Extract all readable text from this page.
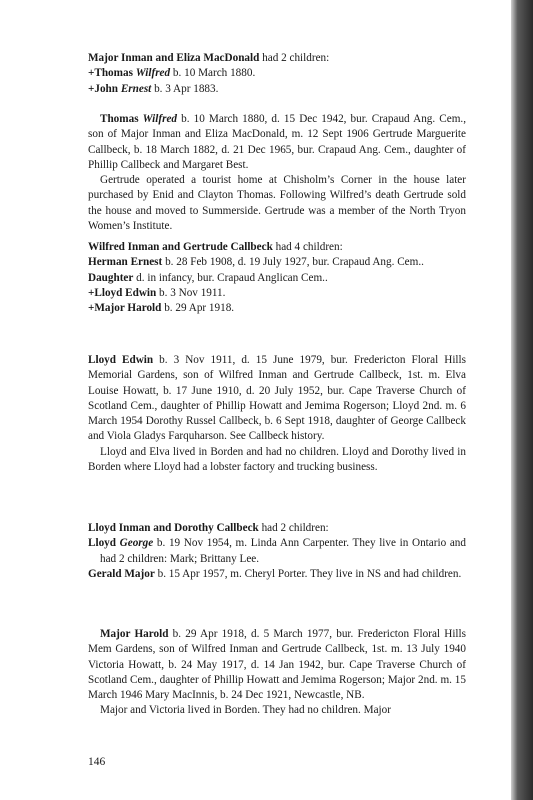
Major Inman and Eliza MacDonald had 2 children:

+Thomas Wilfred b. 10 March 1880.

+John Ernest b. 3 Apr 1883.

Thomas Wilfred b. 10 March 1880, d. 15 Dec 1942, bur. Crapaud Ang. Cem., son of Major Inman and Eliza MacDonald, m. 12 Sept 1906 Gertrude Marguerite Callbeck, b. 18 March 1882, d. 21 Dec 1965, bur. Crapaud Ang. Cem., daughter of Phillip Callbeck and Margaret Best.

Gertrude operated a tourist home at Chisholm’s Corner in the house later purchased by Enid and Clayton Thomas. Following Wilfred’s death Gertrude sold the house and moved to Summerside. Gertrude was a member of the North Tryon Women’s Institute.

Wilfred Inman and Gertrude Callbeck had 4 children:

Herman Ernest b. 28 Feb 1908, d. 19 July 1927, bur. Crapaud Ang. Cem..

Daughter d. in infancy, bur. Crapaud Anglican Cem..

+Lloyd Edwin b. 3 Nov 1911.

+Major Harold b. 29 Apr 1918.

Lloyd Edwin b. 3 Nov 1911, d. 15 June 1979, bur. Fredericton Floral Hills Memorial Gardens, son of Wilfred Inman and Gertrude Callbeck, 1st. m. Elva Louise Howatt, b. 17 June 1910, d. 20 July 1952, bur. Cape Traverse Church of Scotland Cem., daughter of Phillip Howatt and Jemima Rogerson; Lloyd 2nd. m. 6 March 1954 Dorothy Russel Callbeck, b. 6 Sept 1918, daughter of George Callbeck and Viola Gladys Farquharson. See Callbeck history.

Lloyd and Elva lived in Borden and had no children. Lloyd and Dorothy lived in Borden where Lloyd had a lobster factory and trucking business.

Lloyd Inman and Dorothy Callbeck had 2 children:

Lloyd George b. 19 Nov 1954, m. Linda Ann Carpenter. They live in Ontario and had 2 children: Mark; Brittany Lee.

Gerald Major b. 15 Apr 1957, m. Cheryl Porter. They live in NS and had children.

Major Harold b. 29 Apr 1918, d. 5 March 1977, bur. Fredericton Floral Hills Mem Gardens, son of Wilfred Inman and Gertrude Callbeck, 1st. m. 13 July 1940 Victoria Howatt, b. 24 May 1917, d. 14 Jan 1942, bur. Cape Traverse Church of Scotland Cem., daughter of Phillip Howatt and Jemima Rogerson; Major 2nd. m. 15 March 1946 Mary MacInnis, b. 24 Dec 1921, Newcastle, NB.

Major and Victoria lived in Borden. They had no children. Major

146
